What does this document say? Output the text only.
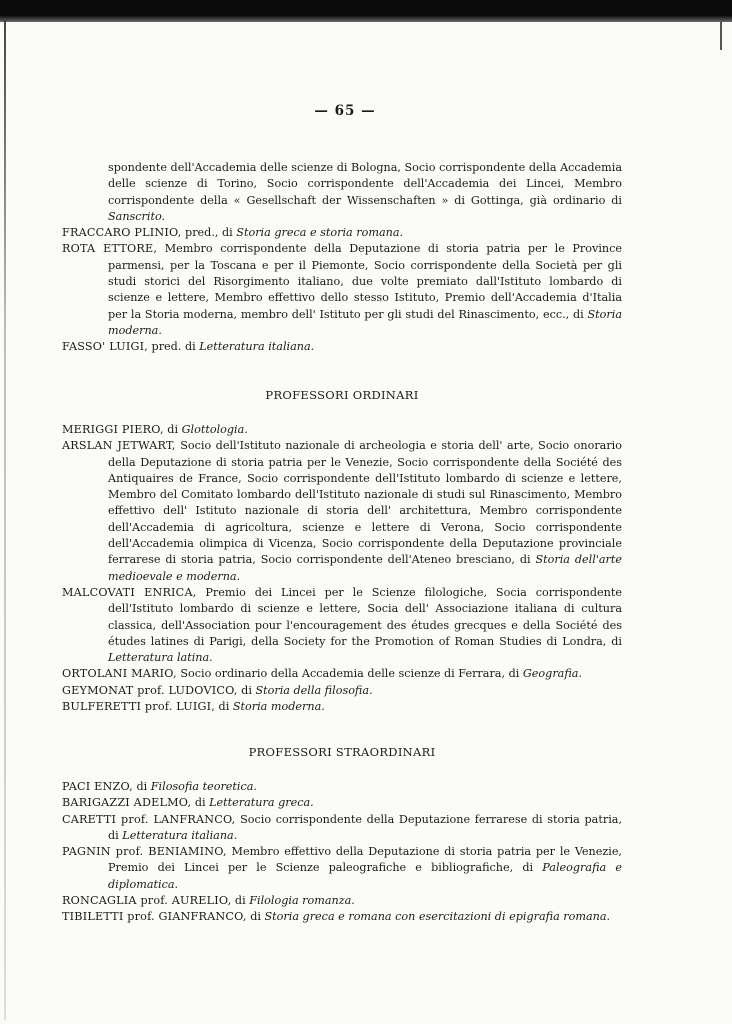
— 65 —

spondente dell'Accademia delle scienze di Bologna, Socio corrispondente della Accademia delle scienze di Torino, Socio corrispondente dell'Accademia dei Lincei, Membro corrispondente della « Gesellschaft der Wissenschaften » di Gottinga, già ordinario di Sanscrito.

FRACCARO PLINIO, pred., di Storia greca e storia romana.

ROTA ETTORE, Membro corrispondente della Deputazione di storia patria per le Province parmensi, per la Toscana e per il Piemonte, Socio corrispondente della Società per gli studi storici del Risorgimento italiano, due volte premiato dall'Istituto lombardo di scienze e lettere, Membro effettivo dello stesso Istituto, Premio dell'Accademia d'Italia per la Storia moderna, membro dell' Istituto per gli studi del Rinascimento, ecc., di Storia moderna.

FASSO' LUIGI, pred. di Letteratura italiana.

PROFESSORI ORDINARI

MERIGGI PIERO, di Glottologia.

ARSLAN JETWART, Socio dell'Istituto nazionale di archeologia e storia dell' arte, Socio onorario della Deputazione di storia patria per le Venezie, Socio corrispondente della Société des Antiquaires de France, Socio corrispondente dell'Istituto lombardo di scienze e lettere, Membro del Comitato lombardo dell'Istituto nazionale di studi sul Rinascimento, Membro effettivo dell' Istituto nazionale di storia dell' architettura, Membro corrispondente dell'Accademia di agricoltura, scienze e lettere di Verona, Socio corrispondente dell'Accademia olimpica di Vicenza, Socio corrispondente della Deputazione provinciale ferrarese di storia patria, Socio corrispondente dell'Ateneo bresciano, di Storia dell'arte medioevale e moderna.

MALCOVATI ENRICA, Premio dei Lincei per le Scienze filologiche, Socia corrispondente dell'Istituto lombardo di scienze e lettere, Socia dell' Associazione italiana di cultura classica, dell'Association pour l'encouragement des études grecques e della Société des études latines di Parigi, della Society for the Promotion of Roman Studies di Londra, di Letteratura latina.

ORTOLANI MARIO, Socio ordinario della Accademia delle scienze di Ferrara, di Geografia.

GEYMONAT prof. LUDOVICO, di Storia della filosofia.

BULFERETTI prof. LUIGI, di Storia moderna.

PROFESSORI STRAORDINARI

PACI ENZO, di Filosofia teoretica.

BARIGAZZI ADELMO, di Letteratura greca.

CARETTI prof. LANFRANCO, Socio corrispondente della Deputazione ferrarese di storia patria, di Letteratura italiana.

PAGNIN prof. BENIAMINO, Membro effettivo della Deputazione di storia patria per le Venezie, Premio dei Lincei per le Scienze paleografiche e bibliografiche, di Paleografia e diplomatica.

RONCAGLIA prof. AURELIO, di Filologia romanza.

TIBILETTI prof. GIANFRANCO, di Storia greca e romana con esercitazioni di epigrafia romana.
